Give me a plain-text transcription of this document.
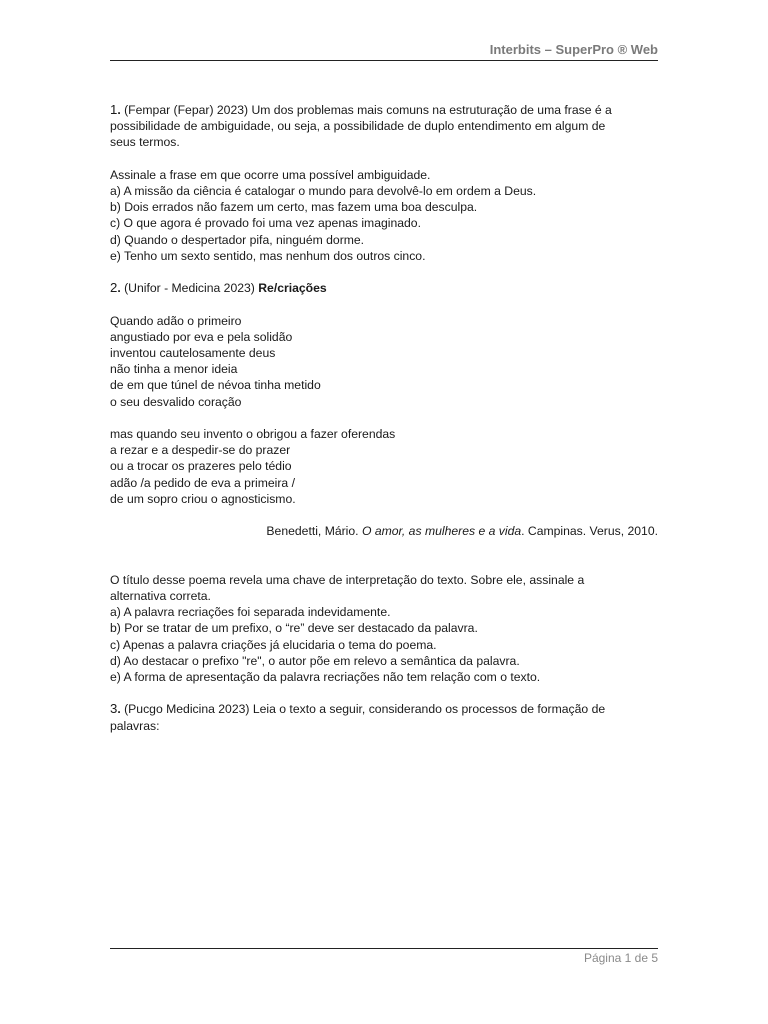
Interbits – SuperPro ® Web

1. (Fempar (Fepar) 2023) Um dos problemas mais comuns na estruturação de uma frase é a

possibilidade de ambiguidade, ou seja, a possibilidade de duplo entendimento em algum de

seus termos.

Assinale a frase em que ocorre uma possível ambiguidade.

a) A missão da ciência é catalogar o mundo para devolvê-lo em ordem a Deus.

b) Dois errados não fazem um certo, mas fazem uma boa desculpa.

c) O que agora é provado foi uma vez apenas imaginado.

d) Quando o despertador pifa, ninguém dorme.

e) Tenho um sexto sentido, mas nenhum dos outros cinco.

2. (Unifor - Medicina 2023) Re/criações

Quando adão o primeiro

angustiado por eva e pela solidão

inventou cautelosamente deus

não tinha a menor ideia

de em que túnel de névoa tinha metido

o seu desvalido coração

mas quando seu invento o obrigou a fazer oferendas

a rezar e a despedir-se do prazer

ou a trocar os prazeres pelo tédio

adão /a pedido de eva a primeira /

de um sopro criou o agnosticismo.

Benedetti, Mário. O amor, as mulheres e a vida. Campinas. Verus, 2010.

O título desse poema revela uma chave de interpretação do texto. Sobre ele, assinale a

alternativa correta.

a) A palavra recriações foi separada indevidamente.

b) Por se tratar de um prefixo, o “re” deve ser destacado da palavra.

c) Apenas a palavra criações já elucidaria o tema do poema.

d) Ao destacar o prefixo "re", o autor põe em relevo a semântica da palavra.

e) A forma de apresentação da palavra recriações não tem relação com o texto.

3. (Pucgo Medicina 2023) Leia o texto a seguir, considerando os processos de formação de

palavras:

Página 1 de 5
